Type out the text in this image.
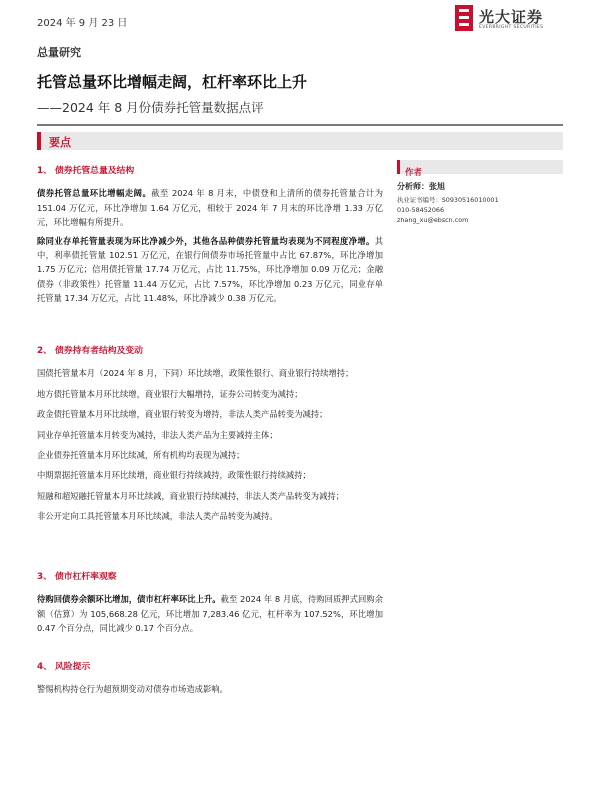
2024 年 9 月 23 日	光大证券
EVERBRIGHT SECURITIES
总量研究
托管总量环比增幅走阔，杠杆率环比上升
——2024 年 8 月份债券托管量数据点评
要点
1、 债券托管总量及结构
债券托管总量环比增幅走阔。截至 2024 年 8 月末，中债登和上清所的债券托管量合计为 151.04 万亿元，环比净增加 1.64 万亿元，相较于 2024 年 7 月末的环比净增 1.33 万亿元，环比增幅有所提升。
除同业存单托管量表现为环比净减少外，其他各品种债券托管量均表现为不同程度净增。其中，利率债托管量 102.51 万亿元，在银行间债券市场托管量中占比 67.87%，环比净增加 1.75 万亿元；信用债托管量 17.74 万亿元，占比 11.75%，环比净增加 0.09 万亿元；金融债券（非政策性）托管量 11.44 万亿元，占比 7.57%，环比净增加 0.23 万亿元，同业存单托管量 17.34 万亿元，占比 11.48%，环比净减少 0.38 万亿元。
2、 债券持有者结构及变动
国债托管量本月（2024 年 8 月，下同）环比续增，政策性银行、商业银行持续增持；
地方债托管量本月环比续增，商业银行大幅增持，证券公司转变为减持；
政金债托管量本月环比续增，商业银行转变为增持，非法人类产品转变为减持；
同业存单托管量本月转变为减持，非法人类产品为主要减持主体；
企业债券托管量本月环比续减，所有机构均表现为减持；
中期票据托管量本月环比续增，商业银行持续减持，政策性银行持续减持；
短融和超短融托管量本月环比续减，商业银行持续减持，非法人类产品转变为减持；
非公开定向工具托管量本月环比续减，非法人类产品转变为减持。
3、 债市杠杆率观察
待购回债券余额环比增加，债市杠杆率环比上升。截至 2024 年 8 月底，待购回质押式回购余额（估算）为 105,668.28 亿元，环比增加 7,283.46 亿元，杠杆率为 107.52%，环比增加 0.47 个百分点，同比减少 0.17 个百分点。
4、 风险提示
警惕机构持仓行为超预期变动对债券市场造成影响。
作者
分析师：张旭
执业证书编号：S0930516010001
010-58452066
zhang_xu@ebscn.com
